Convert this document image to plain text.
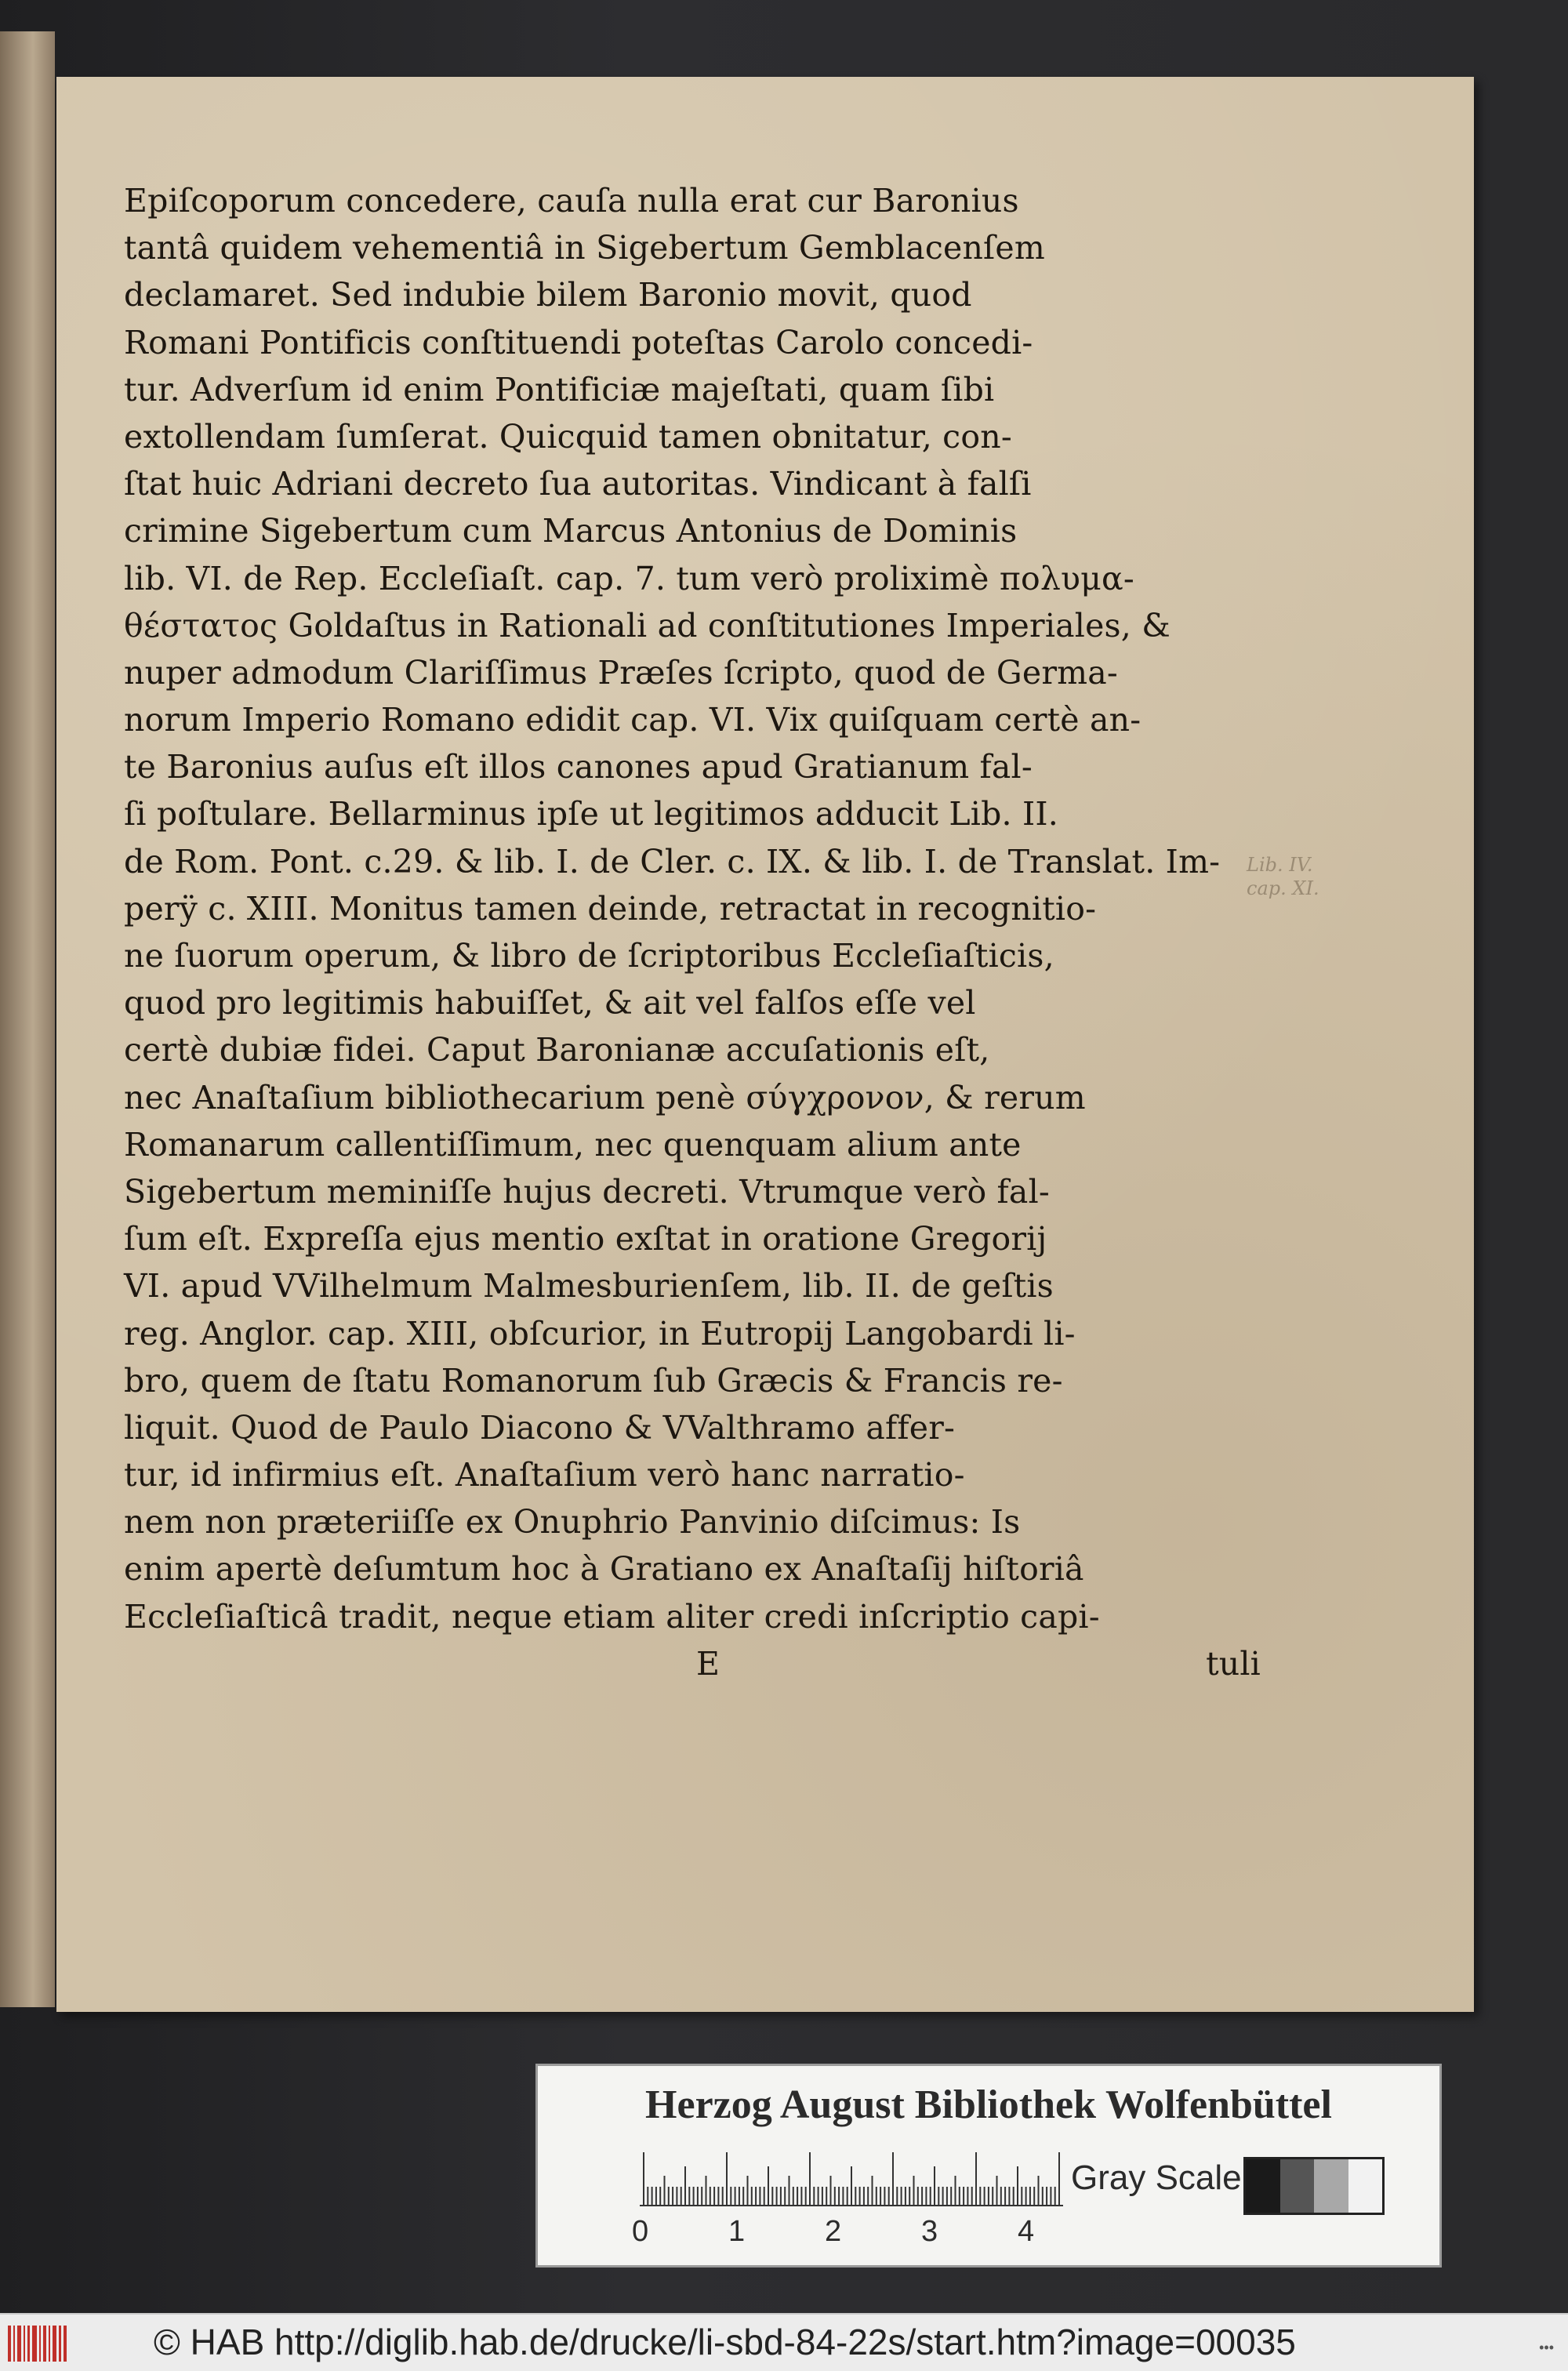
Epiſcoporum concedere, cauſa nulla erat cur Baronius
tantâ quidem vehementiâ in Sigebertum Gemblacenſem
declamaret. Sed indubie bilem Baronio movit, quod
Romani Pontificis conſtituendi poteſtas Carolo concedi-
tur. Adverſum id enim Pontificiæ majeſtati, quam ſibi
extollendam ſumſerat. Quicquid tamen obnitatur, con-
ſtat huic Adriani decreto ſua autoritas. Vindicant à falſi
crimine Sigebertum cum Marcus Antonius de Dominis
lib. VI. de Rep. Eccleſiaſt. cap. 7. tum verò proliximè πολυμα-
θέστατος Goldaſtus in Rationali ad conſtitutiones Imperiales, &
nuper admodum Clariſſimus Præſes ſcripto, quod de Germa-
norum Imperio Romano edidit cap. VI. Vix quiſquam certè an-
te Baronius auſus eſt illos canones apud Gratianum fal-
ſi poſtulare. Bellarminus ipſe ut legitimos adducit Lib. II.
de Rom. Pont. c.29. & lib. I. de Cler. c. IX. & lib. I. de Translat. Im-
perÿ c. XIII. Monitus tamen deinde, retractat in recognitio-
ne ſuorum operum, & libro de ſcriptoribus Eccleſiaſticis,
quod pro legitimis habuiſſet, & ait vel falſos eſſe vel
certè dubiæ fidei. Caput Baronianæ accuſationis eſt,
nec Anaſtaſium bibliothecarium penè σύγχρονον, & rerum
Romanarum callentiſſimum, nec quenquam alium ante
Sigebertum meminiſſe hujus decreti. Vtrumque verò fal-
ſum eſt. Expreſſa ejus mentio exſtat in oratione Gregorij
VI. apud VVilhelmum Malmesburienſem, lib. II. de geſtis
reg. Anglor. cap. XIII, obſcurior, in Eutropij Langobardi li-
bro, quem de ſtatu Romanorum ſub Græcis & Francis re-
liquit. Quod de Paulo Diacono & VValthramo affer-
tur, id infirmius eſt. Anaſtaſium verò hanc narratio-
nem non præteriiſſe ex Onuphrio Panvinio diſcimus: Is
enim apertè deſumtum hoc à Gratiano ex Anaſtaſij hiſtoriâ
Eccleſiaſticâ tradit, neque etiam aliter credi inſcriptio capi-
E	tuli
Lib. IV.
cap. XI.
Herzog August Bibliothek Wolfenbüttel
0	1	2	3	4
Gray Scale
© HAB http://diglib.hab.de/drucke/li-sbd-84-22s/start.htm?image=00035	•••
